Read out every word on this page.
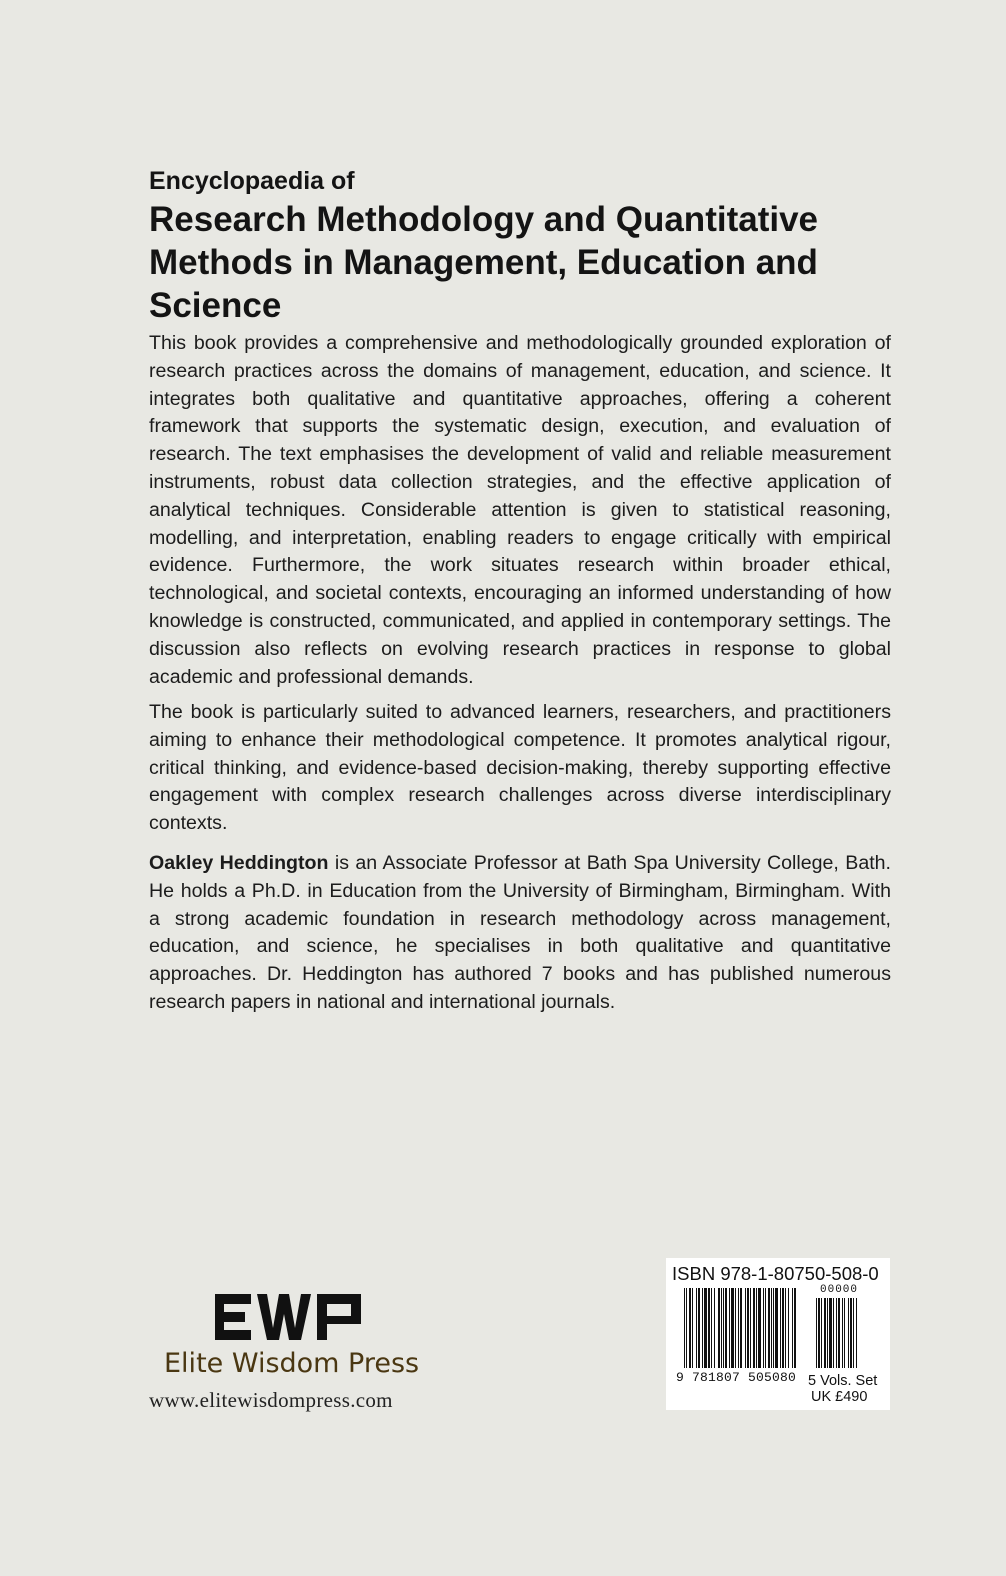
Encyclopaedia of
Research Methodology and Quantitative Methods in Management, Education and Science

This book provides a comprehensive and methodologically grounded exploration of research practices across the domains of management, education, and science. It integrates both qualitative and quantitative approaches, offering a coherent framework that supports the systematic design, execution, and evaluation of research. The text emphasises the development of valid and reliable measurement instruments, robust data collection strategies, and the effective application of analytical techniques. Considerable attention is given to statistical reasoning, modelling, and interpretation, enabling readers to engage critically with empirical evidence. Furthermore, the work situates research within broader ethical, technological, and societal contexts, encouraging an informed understanding of how knowledge is constructed, communicated, and applied in contemporary settings. The discussion also reflects on evolving research practices in response to global academic and professional demands.

The book is particularly suited to advanced learners, researchers, and practitioners aiming to enhance their methodological competence. It promotes analytical rigour, critical thinking, and evidence-based decision-making, thereby supporting effective engagement with complex research challenges across diverse interdisciplinary contexts.

Oakley Heddington is an Associate Professor at Bath Spa University College, Bath. He holds a Ph.D. in Education from the University of Birmingham, Birmingham. With a strong academic foundation in research methodology across management, education, and science, he specialises in both qualitative and quantitative approaches. Dr. Heddington has authored 7 books and has published numerous research papers in national and international journals.

Elite Wisdom Press
www.elitewisdompress.com
ISBN 978-1-80750-508-0
00000
9 781807 505080 5 Vols. Set
UK £490
